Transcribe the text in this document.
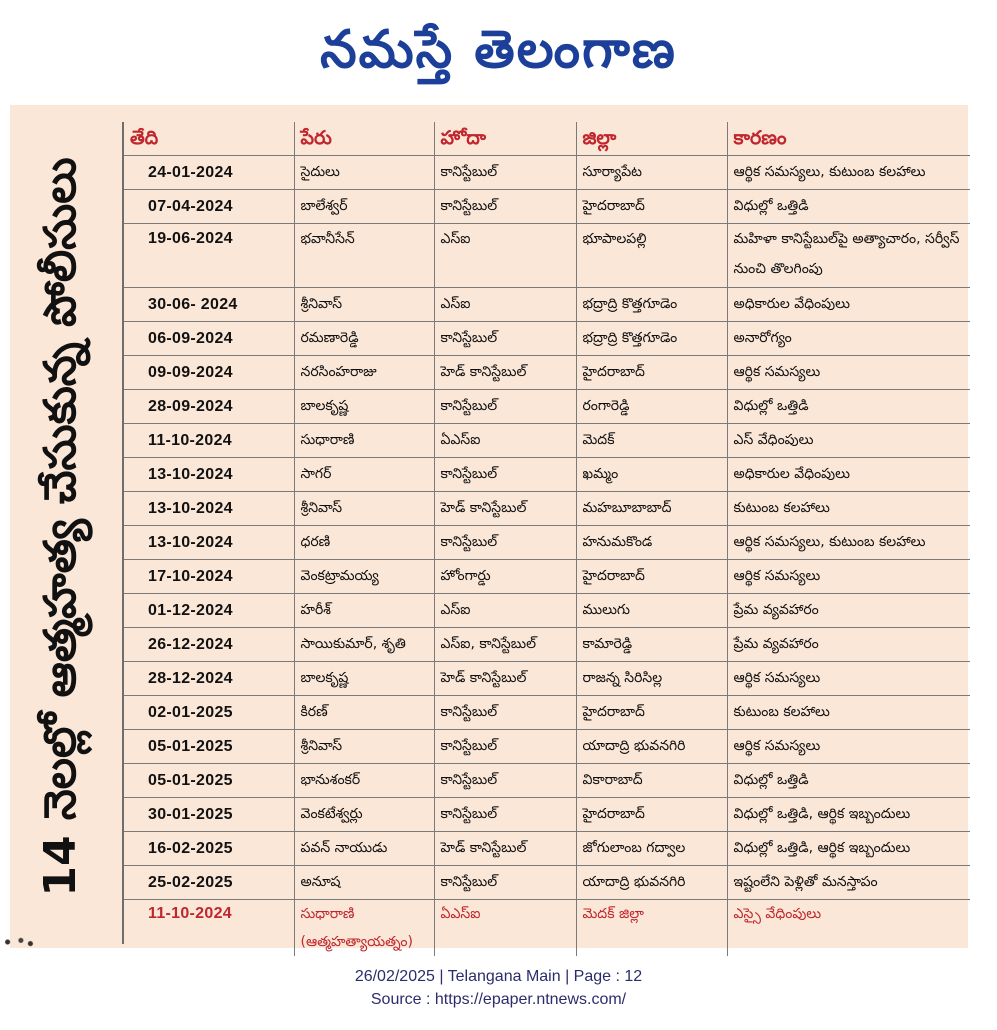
నమస్తే తెలంగాణ
14 నెలల్లో ఆత్మహత్య చేసుకున్న పోలీసులు
తేది	పేరు	హోదా	జిల్లా	కారణం
24-01-2024	సైదులు	కానిస్టేబుల్	సూర్యాపేట	ఆర్థిక సమస్యలు, కుటుంబ కలహాలు
07-04-2024	బాలేశ్వర్	కానిస్టేబుల్	హైదరాబాద్	విధుల్లో ఒత్తిడి
19-06-2024	భవానీసేన్	ఎస్‌ఐ	భూపాలపల్లి	మహిళా కానిస్టేబుల్‌పై అత్యాచారం, సర్వీస్ నుంచి తొలగింపు
30-06- 2024	శ్రీనివాస్	ఎస్‌ఐ	భద్రాద్రి కొత్తగూడెం	అధికారుల వేధింపులు
06-09-2024	రమణారెడ్డి	కానిస్టేబుల్	భద్రాద్రి కొత్తగూడెం	అనారోగ్యం
09-09-2024	నరసింహరాజు	హెడ్ కానిస్టేబుల్	హైదరాబాద్	ఆర్థిక సమస్యలు
28-09-2024	బాలకృష్ణ	కానిస్టేబుల్	రంగారెడ్డి	విధుల్లో ఒత్తిడి
11-10-2024	సుధారాణి	ఏఎస్‌ఐ	మెదక్	ఎస్ వేధింపులు
13-10-2024	సాగర్	కానిస్టేబుల్	ఖమ్మం	అధికారుల వేధింపులు
13-10-2024	శ్రీనివాస్	హెడ్ కానిస్టేబుల్	మహబూబాబాద్	కుటుంబ కలహాలు
13-10-2024	ధరణి	కానిస్టేబుల్	హనుమకొండ	ఆర్థిక సమస్యలు, కుటుంబ కలహాలు
17-10-2024	వెంకట్రామయ్య	హోంగార్డు	హైదరాబాద్	ఆర్థిక సమస్యలు
01-12-2024	హరీశ్	ఎస్‌ఐ	ములుగు	ప్రేమ వ్యవహారం
26-12-2024	సాయికుమార్, శృతి	ఎస్‌ఐ, కానిస్టేబుల్	కామారెడ్డి	ప్రేమ వ్యవహారం
28-12-2024	బాలకృష్ణ	హెడ్ కానిస్టేబుల్	రాజన్న సిరిసిల్ల	ఆర్థిక సమస్యలు
02-01-2025	కిరణ్	కానిస్టేబుల్	హైదరాబాద్	కుటుంబ కలహాలు
05-01-2025	శ్రీనివాస్	కానిస్టేబుల్	యాదాద్రి భువనగిరి	ఆర్థిక సమస్యలు
05-01-2025	భానుశంకర్	కానిస్టేబుల్	వికారాబాద్	విధుల్లో ఒత్తిడి
30-01-2025	వెంకటేశ్వర్లు	కానిస్టేబుల్	హైదరాబాద్	విధుల్లో ఒత్తిడి, ఆర్థిక ఇబ్బందులు
16-02-2025	పవన్ నాయుడు	హెడ్ కానిస్టేబుల్	జోగులాంబ గద్వాల	విధుల్లో ఒత్తిడి, ఆర్థిక ఇబ్బందులు
25-02-2025	అనూష	కానిస్టేబుల్	యాదాద్రి భువనగిరి	ఇష్టంలేని పెళ్లితో మనస్తాపం
11-10-2024	సుధారాణి (ఆత్మహత్యాయత్నం)	ఏఎస్‌ఐ	మెదక్ జిల్లా	ఎస్సై వేధింపులు
26/02/2025 | Telangana Main | Page : 12
Source : https://epaper.ntnews.com/
